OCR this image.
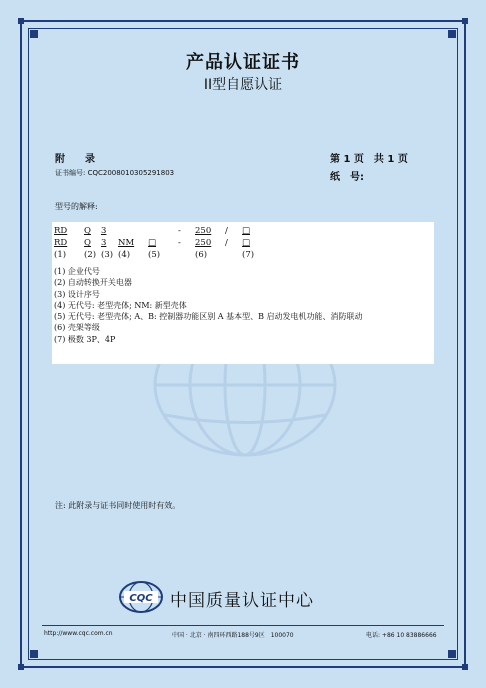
产品认证证书
II型自愿认证
附　　录	第 1 页　共 1 页
证书编号: CQC2008010305291803	纸　号:
型号的解释:
RD	Q	3			-	250	/	□
RD	Q	3	NM	□	-	250	/	□
(1)	(2)	(3)	(4)	(5)		(6)		(7)
(1) 企业代号
(2) 自动转换开关电器
(3) 设计序号
(4) 无代号: 老型壳体; NM: 新型壳体
(5) 无代号: 老型壳体; A、B: 控制器功能区别 A 基本型、B 启动发电机功能、消防联动
(6) 壳架等级
(7) 极数 3P、4P
注: 此附录与证书同时使用时有效。
CQC 中国质量认证中心
http://www.cqc.com.cn	中国 · 北京 · 南四环西路188号9区　100070	电话: +86 10 83886666
